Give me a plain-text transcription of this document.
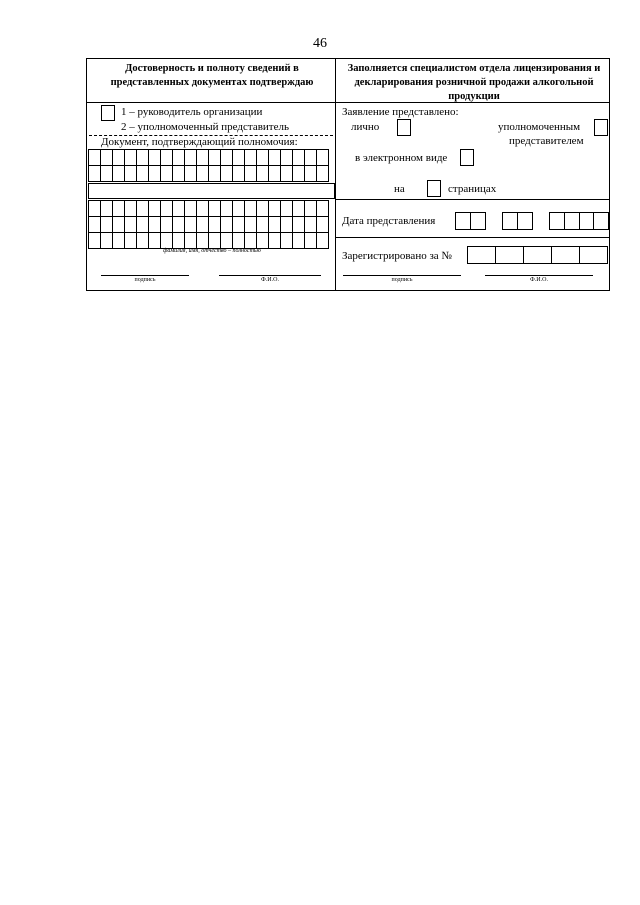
46
Достоверность и полноту сведений в представленных документах подтверждаю
1 – руководитель организации
2 – уполномоченный представитель
Документ, подтверждающий полномочия:

фамилия, имя, отчество – полностью
подпись	Ф.И.О.
Заполняется специалистом отдела лицензирования и декларирования розничной продажи алкогольной продукции
Заявление представлено:
лично	уполномоченным
представителем
в электронном виде
на	страницах
Дата представления

Зарегистрировано за №

подпись	Ф.И.О.
